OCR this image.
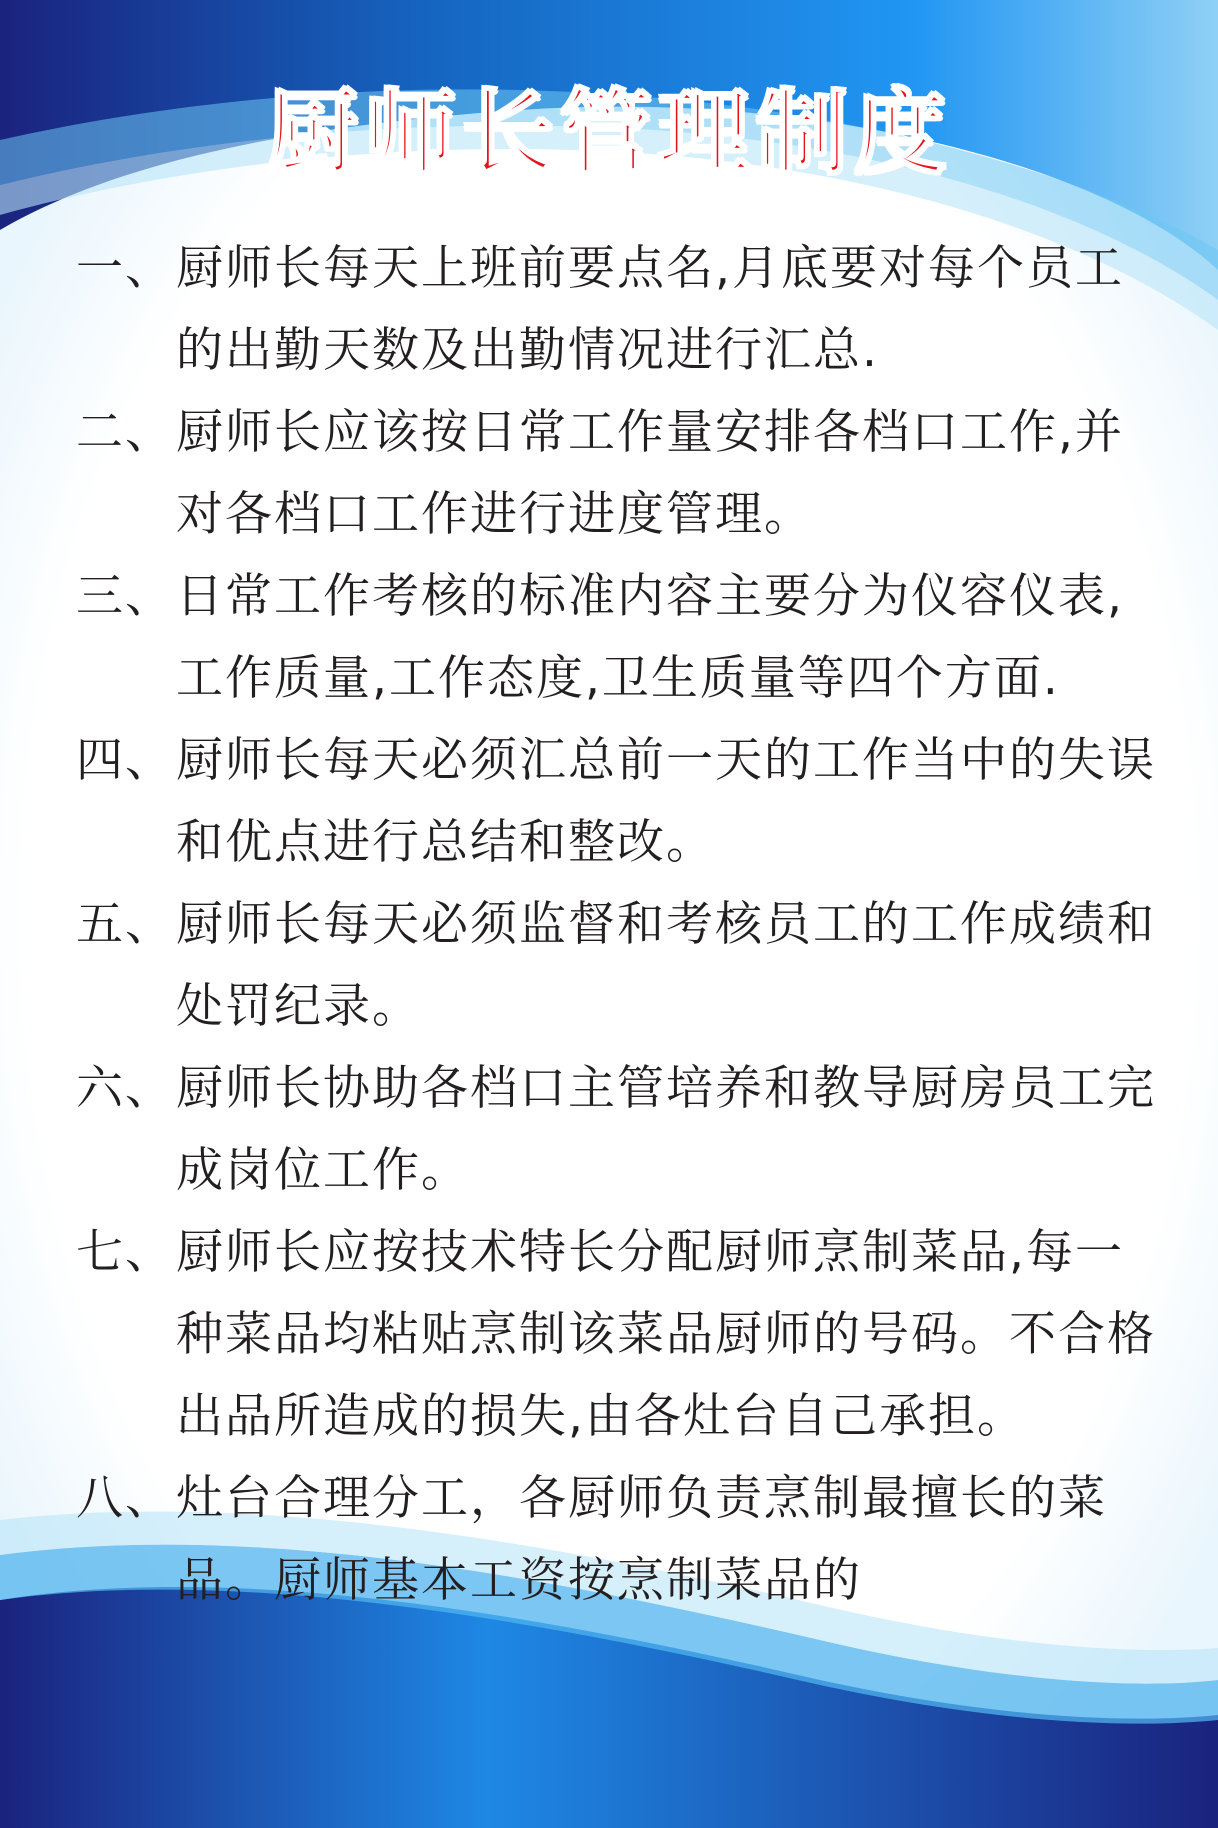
厨师长管理制度
一、 厨师长每天上班前要点名,月底要对每个员工的出勤天数及出勤情况进行汇总.
二、 厨师长应该按日常工作量安排各档口工作,并对各档口工作进行进度管理。
三、 日常工作考核的标准内容主要分为仪容仪表,工作质量,工作态度,卫生质量等四个方面.
四、 厨师长每天必须汇总前一天的工作当中的失误和优点进行总结和整改。
五、 厨师长每天必须监督和考核员工的工作成绩和处罚纪录。
六、 厨师长协助各档口主管培养和教导厨房员工完成岗位工作。
七、 厨师长应按技术特长分配厨师烹制菜品,每一种菜品均粘贴烹制该菜品厨师的号码。不合格出品所造成的损失,由各灶台自己承担。
八、 灶台合理分工，各厨师负责烹制最擅长的菜品。厨师基本工资按烹制菜品的
